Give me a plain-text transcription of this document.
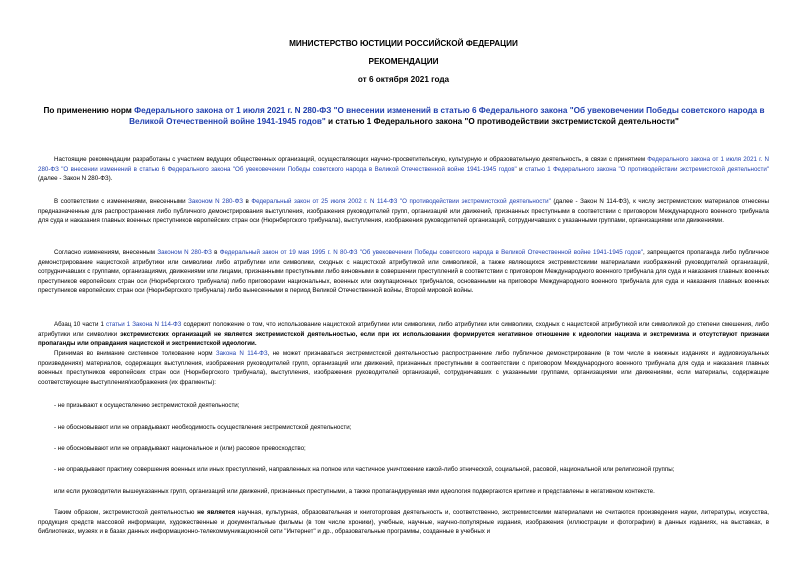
МИНИСТЕРСТВО ЮСТИЦИИ РОССИЙСКОЙ ФЕДЕРАЦИИ
РЕКОМЕНДАЦИИ
от 6 октября 2021 года
По применению норм Федерального закона от 1 июля 2021 г. N 280-ФЗ "О внесении изменений в статью 6 Федерального закона "Об увековечении Победы советского народа в Великой Отечественной войне 1941-1945 годов" и статью 1 Федерального закона "О противодействии экстремистской деятельности"
Настоящие рекомендации разработаны с участием ведущих общественных организаций, осуществляющих научно-просветительскую, культурную и образовательную деятельность, в связи с принятием Федерального закона от 1 июля 2021 г. N 280-ФЗ "О внесении изменений в статью 6 Федерального закона "Об увековечении Победы советского народа в Великой Отечественной войне 1941-1945 годов" и статью 1 Федерального закона "О противодействии экстремистской деятельности" (далее - Закон N 280-ФЗ).
В соответствии с изменениями, внесенными Законом N 280-ФЗ в Федеральный закон от 25 июля 2002 г. N 114-ФЗ "О противодействии экстремистской деятельности" (далее - Закон N 114-ФЗ), к числу экстремистских материалов отнесены предназначенные для распространения либо публичного демонстрирования выступления, изображения руководителей групп, организаций или движений, признанных преступными в соответствии с приговором Международного военного трибунала для суда и наказания главных военных преступников европейских стран оси (Нюрнбергского трибунала), выступления, изображения руководителей организаций, сотрудничавших с указанными группами, организациями или движениями.
Согласно изменениям, внесенным Законом N 280-ФЗ в Федеральный закон от 19 мая 1995 г. N 80-ФЗ "Об увековечении Победы советского народа в Великой Отечественной войне 1941-1945 годов", запрещается пропаганда либо публичное демонстрирование нацистской атрибутики или символики либо атрибутики или символики, сходных с нацистской атрибутикой или символикой, а также являющихся экстремистскими материалами изображений руководителей организаций, сотрудничавших с группами, организациями, движениями или лицами, признанными преступными либо виновными в совершении преступлений в соответствии с приговором Международного военного трибунала для суда и наказания главных военных преступников европейских стран оси (Нюрнбергского трибунала) либо приговорами национальных, военных или оккупационных трибуналов, основанными на приговоре Международного военного трибунала для суда и наказания главных военных преступников европейских стран оси (Нюрнбергского трибунала) либо вынесенными в период Великой Отечественной войны, Второй мировой войны.
Абзац 10 части 1 статьи 1 Закона N 114-ФЗ содержит положение о том, что использование нацистской атрибутики или символики, либо атрибутики или символики, сходных с нацистской атрибутикой или символикой до степени смешения, либо атрибутики или символики экстремистских организаций не является экстремистской деятельностью, если при их использовании формируется негативное отношение к идеологии нацизма и экстремизма и отсутствуют признаки пропаганды или оправдания нацистской и экстремистской идеологии.
Принимая во внимание системное толкование норм Закона N 114-ФЗ, не может признаваться экстремистской деятельностью распространение либо публичное демонстрирование (в том числе в книжных изданиях и аудиовизуальных произведениях) материалов, содержащих выступления, изображения руководителей групп, организаций или движений, признанных преступными в соответствии с приговором Международного военного трибунала для суда и наказания главных военных преступников европейских стран оси (Нюрнбергского трибунала), выступления, изображения руководителей организаций, сотрудничавших с указанными группами, организациями или движениями, если материалы, содержащие соответствующие выступления/изображения (их фрагменты):
- не призывают к осуществлению экстремистской деятельности;
- не обосновывают или не оправдывают необходимость осуществления экстремистской деятельности;
- не обосновывают или не оправдывают национальное и (или) расовое превосходство;
- не оправдывают практику совершения военных или иных преступлений, направленных на полное или частичное уничтожение какой-либо этнической, социальной, расовой, национальной или религиозной группы;
или если руководители вышеуказанных групп, организаций или движений, признанных преступными, а также пропагандируемая ими идеология подвергаются критике и представлены в негативном контексте.
Таким образом, экстремистской деятельностью не является научная, культурная, образовательная и книготорговая деятельность и, соответственно, экстремистскими материалами не считаются произведения науки, литературы, искусства, продукция средств массовой информации, художественные и документальные фильмы (в том числе хроники), учебные, научные, научно-популярные издания, изображения (иллюстрации и фотографии) в данных изданиях, на выставках, в библиотеках, музеях и в базах данных информационно-телекоммуникационной сети "Интернет" и др., образовательные программы, созданные в учебных и
